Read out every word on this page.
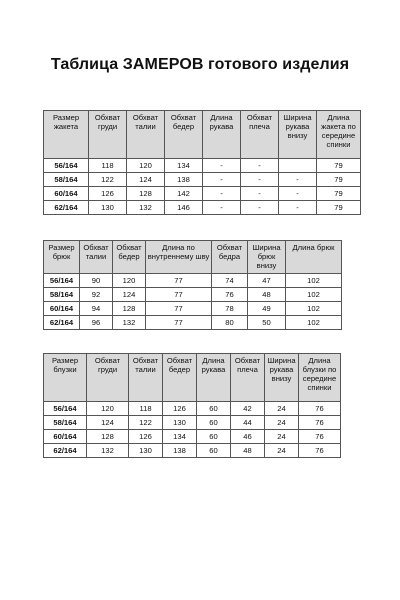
Таблица ЗАМЕРОВ готового изделия
Размер жакета	Обхват груди	Обхват талии	Обхват бедер	Длина рукава	Обхват плеча	Ширина рукава внизу	Длина жакета по середине спинки
56/164	118	120	134	-	-		79
58/164	122	124	138	-	-	-	79
60/164	126	128	142	-	-	-	79
62/164	130	132	146	-	-	-	79
Размер брюк	Обхват талии	Обхват бедер	Длина по внутреннему шву	Обхват бедра	Ширина брюк внизу	Длина брюк
56/164	90	120	77	74	47	102
58/164	92	124	77	76	48	102
60/164	94	128	77	78	49	102
62/164	96	132	77	80	50	102
Размер блузки	Обхват груди	Обхват талии	Обхват бедер	Длина рукава	Обхват плеча	Ширина рукава внизу	Длина блузки по середине спинки
56/164	120	118	126	60	42	24	76
58/164	124	122	130	60	44	24	76
60/164	128	126	134	60	46	24	76
62/164	132	130	138	60	48	24	76
